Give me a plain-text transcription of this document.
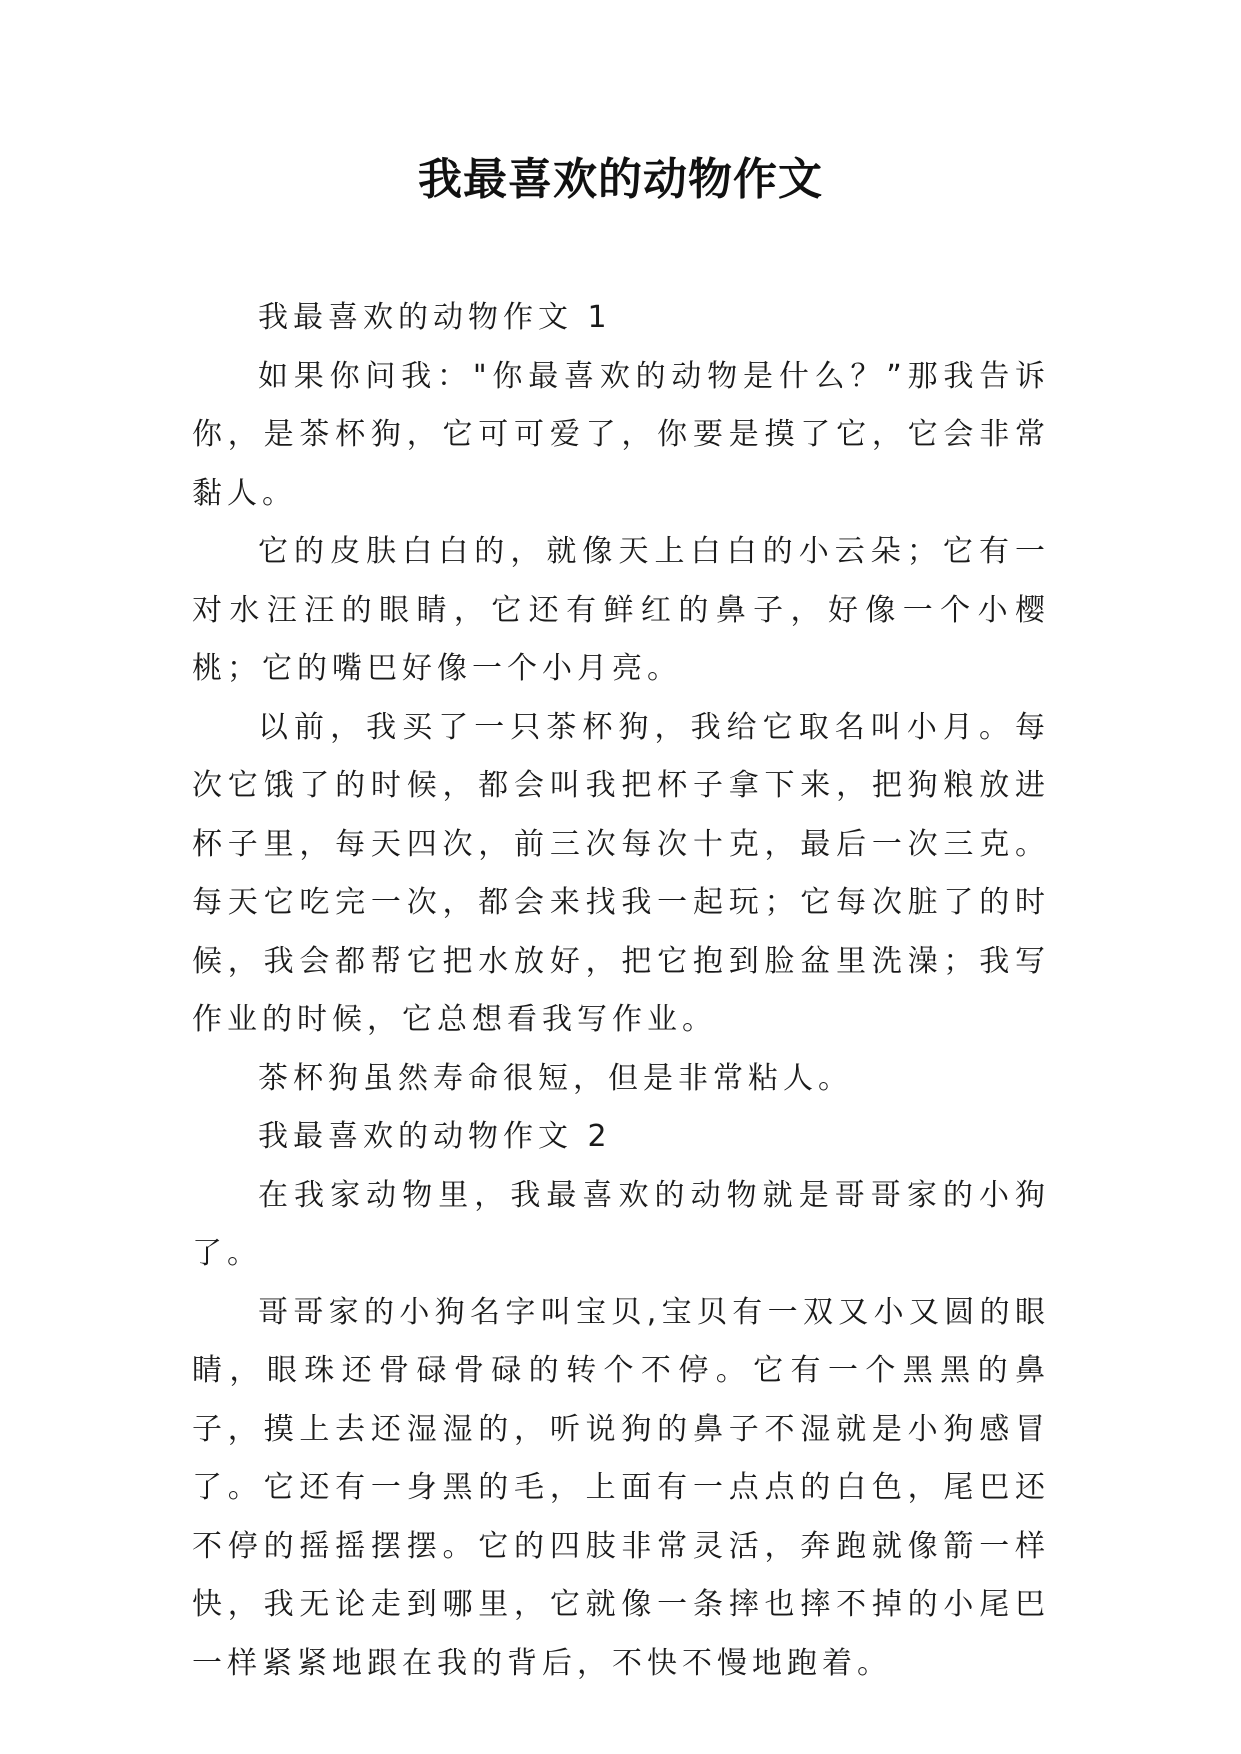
我最喜欢的动物作文

我最喜欢的动物作文 1

如果你问我："你最喜欢的动物是什么？”那我告诉你，是茶杯狗，它可可爱了，你要是摸了它，它会非常黏人。

它的皮肤白白的，就像天上白白的小云朵；它有一对水汪汪的眼睛，它还有鲜红的鼻子，好像一个小樱桃；它的嘴巴好像一个小月亮。

以前，我买了一只茶杯狗，我给它取名叫小月。每次它饿了的时候，都会叫我把杯子拿下来，把狗粮放进杯子里，每天四次，前三次每次十克，最后一次三克。每天它吃完一次，都会来找我一起玩；它每次脏了的时候，我会都帮它把水放好，把它抱到脸盆里洗澡；我写作业的时候，它总想看我写作业。

茶杯狗虽然寿命很短，但是非常粘人。

我最喜欢的动物作文 2

在我家动物里，我最喜欢的动物就是哥哥家的小狗了。

哥哥家的小狗名字叫宝贝,宝贝有一双又小又圆的眼睛，眼珠还骨碌骨碌的转个不停。它有一个黑黑的鼻子，摸上去还湿湿的，听说狗的鼻子不湿就是小狗感冒了。它还有一身黑的毛，上面有一点点的白色，尾巴还不停的摇摇摆摆。它的四肢非常灵活，奔跑就像箭一样快，我无论走到哪里，它就像一条摔也摔不掉的小尾巴一样紧紧地跟在我的背后，不快不慢地跑着。
